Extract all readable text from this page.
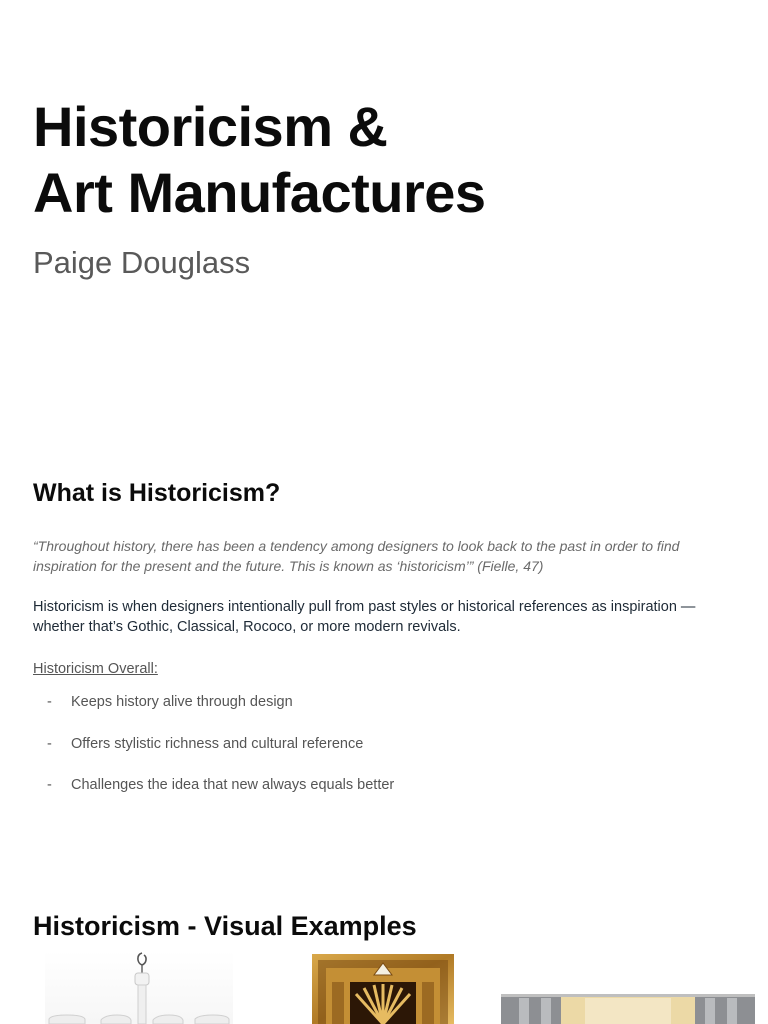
Historicism &
Art Manufactures

Paige Douglass

What is Historicism?

“Throughout history, there has been a tendency among designers to look back to the past in order to find inspiration for the present and the future. This is known as ‘historicism’” (Fielle, 47)

Historicism is when designers intentionally pull from past styles or historical references as inspiration — whether that’s Gothic, Classical, Rococo, or more modern revivals.

Historicism Overall:

- Keeps history alive through design
- Offers stylistic richness and cultural reference
- Challenges the idea that new always equals better
Historicism - Visual Examples
